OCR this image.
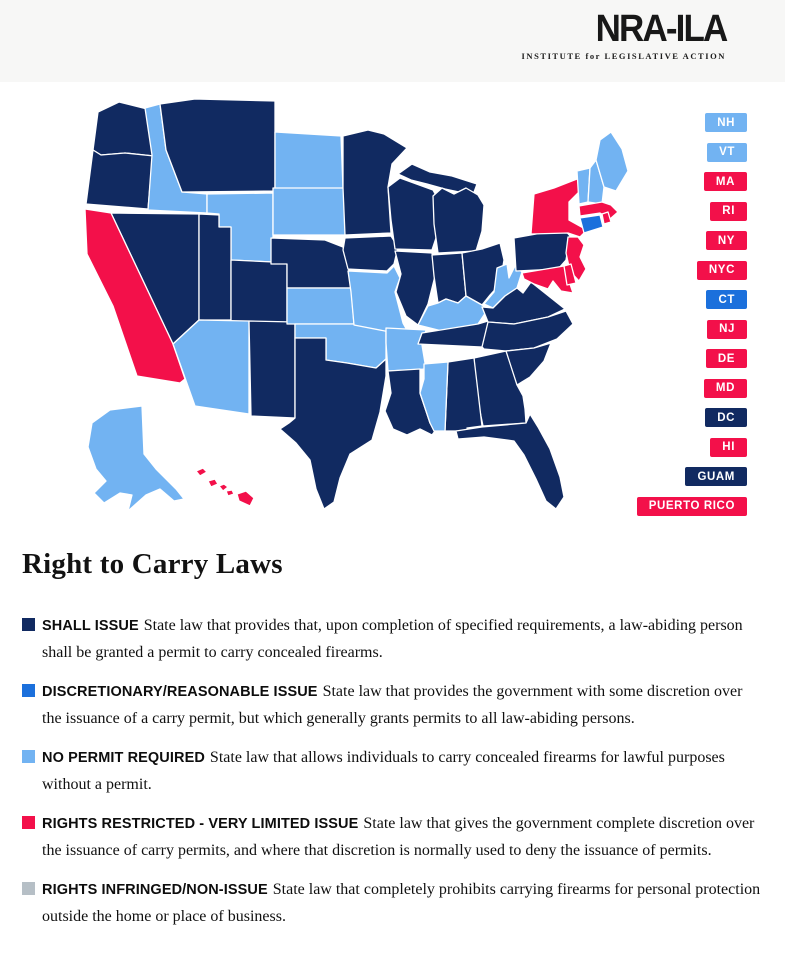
NRA-ILA
INSTITUTE for LEGISLATIVE ACTION
NH
VT
MA
RI
NY
NYC
CT
NJ
DE
MD
DC
HI
GUAM
PUERTO RICO
Right to Carry Laws

SHALL ISSUE State law that provides that, upon completion of specified requirements, a law-abiding person shall be granted a permit to carry concealed firearms.

DISCRETIONARY/REASONABLE ISSUE State law that provides the government with some discretion over the issuance of a carry permit, but which generally grants permits to all law-abiding persons.

NO PERMIT REQUIRED State law that allows individuals to carry concealed firearms for lawful purposes without a permit.

RIGHTS RESTRICTED - VERY LIMITED ISSUE State law that gives the government complete discretion over the issuance of carry permits, and where that discretion is normally used to deny the issuance of permits.

RIGHTS INFRINGED/NON-ISSUE State law that completely prohibits carrying firearms for personal protection outside the home or place of business.
